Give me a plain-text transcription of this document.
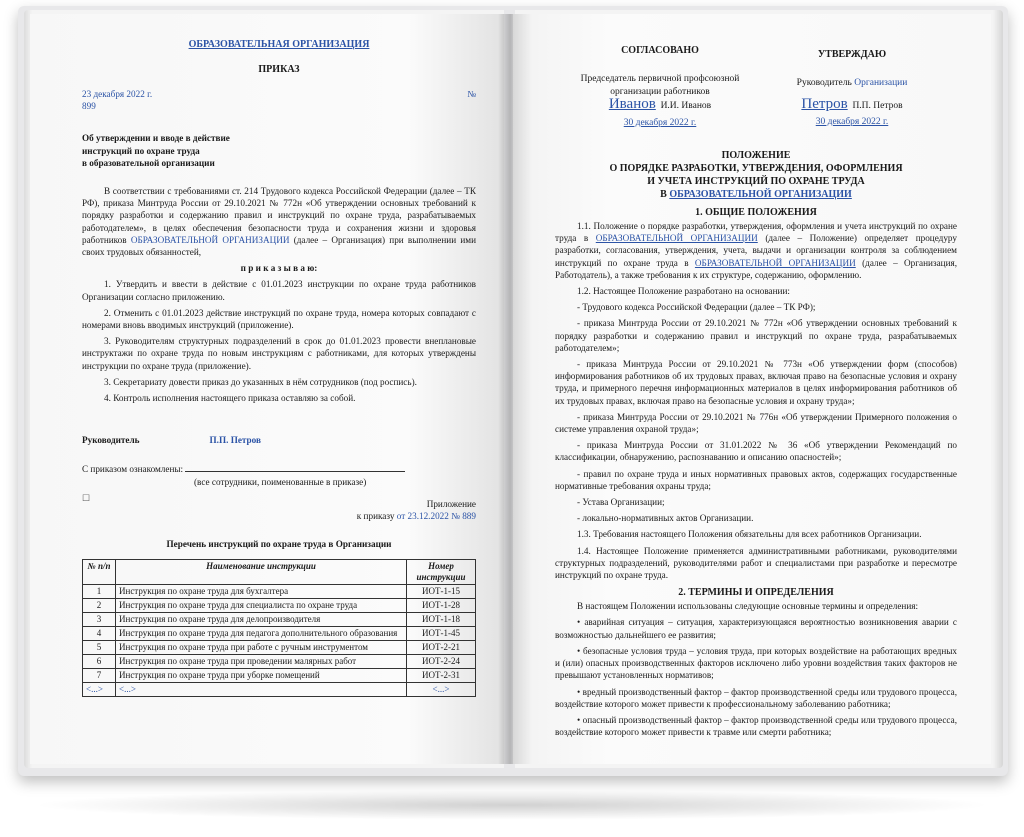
ОБРАЗОВАТЕЛЬНАЯ ОРГАНИЗАЦИЯ

ПРИКАЗ

23 декабря 2022 г.	№

899

Об утверждении и вводе в действие

инструкций по охране труда

в образовательной организации

В соответствии с требованиями ст. 214 Трудового кодекса Российской Федерации (далее – ТК РФ), приказа Минтруда России от 29.10.2021 № 772н «Об утверждении основных требований к порядку разработки и содержанию правил и инструкций по охране труда, разрабатываемых работодателем», в целях обеспечения безопасности труда и сохранения жизни и здоровья работников ОБРАЗОВАТЕЛЬНОЙ ОРГАНИЗАЦИИ (далее – Организация) при выполнении ими своих трудовых обязанностей,

п р и к а з ы в а ю:

1. Утвердить и ввести в действие с 01.01.2023 инструкции по охране труда работников Организации согласно приложению.

2. Отменить с 01.01.2023 действие инструкций по охране труда, номера которых совпадают с номерами вновь вводимых инструкций (приложение).

3. Руководителям структурных подразделений в срок до 01.01.2023 провести внеплановые инструктажи по охране труда по новым инструкциям с работниками, для которых утверждены инструкции по охране труда (приложение).

3. Секретариату довести приказ до указанных в нём сотрудников (под роспись).

4. Контроль исполнения настоящего приказа оставляю за собой.

Руководитель	П.П. Петров
С приказом ознакомлены:

(все сотрудники, поименованные в приказе)

☐

Приложение

к приказу от 23.12.2022 № 889

Перечень инструкций по охране труда в Организации

№ п/п	Наименование инструкции	Номер инструкции
1	Инструкция по охране труда для бухгалтера	ИОТ-1-15
2	Инструкция по охране труда для специалиста по охране труда	ИОТ-1-28
3	Инструкция по охране труда для делопроизводителя	ИОТ-1-18
4	Инструкция по охране труда для педагога дополнительного образования	ИОТ-1-45
5	Инструкция по охране труда при работе с ручным инструментом	ИОТ-2-21
6	Инструкция по охране труда при проведении малярных работ	ИОТ-2-24
7	Инструкция по охране труда при уборке помещений	ИОТ-2-31
<...>	<...>	<...>

СОГЛАСОВАНО

Председатель первичной профсоюзной

организации работников

Иванов И.И. Иванов

30 декабря 2022 г.

УТВЕРЖДАЮ

Руководитель Организации

Петров П.П. Петров

30 декабря 2022 г.

ПОЛОЖЕНИЕ

О ПОРЯДКЕ РАЗРАБОТКИ, УТВЕРЖДЕНИЯ, ОФОРМЛЕНИЯ

И УЧЕТА ИНСТРУКЦИЙ ПО ОХРАНЕ ТРУДА

В ОБРАЗОВАТЕЛЬНОЙ ОРГАНИЗАЦИИ

1. ОБЩИЕ ПОЛОЖЕНИЯ

1.1. Положение о порядке разработки, утверждения, оформления и учета инструкций по охране труда в ОБРАЗОВАТЕЛЬНОЙ ОРГАНИЗАЦИИ (далее – Положение) определяет процедуру разработки, согласования, утверждения, учета, выдачи и организации контроля за соблюдением инструкций по охране труда в ОБРАЗОВАТЕЛЬНОЙ ОРГАНИЗАЦИИ (далее – Организация, Работодатель), а также требования к их структуре, содержанию, оформлению.

1.2. Настоящее Положение разработано на основании:

- Трудового кодекса Российской Федерации (далее – ТК РФ);

- приказа Минтруда России от 29.10.2021 № 772н «Об утверждении основных требований к порядку разработки и содержанию правил и инструкций по охране труда, разрабатываемых работодателем»;

- приказа Минтруда России от 29.10.2021 № 773н «Об утверждении форм (способов) информирования работников об их трудовых правах, включая право на безопасные условия и охрану труда, и примерного перечня информационных материалов в целях информирования работников об их трудовых правах, включая право на безопасные условия и охрану труда»;

- приказа Минтруда России от 29.10.2021 № 776н «Об утверждении Примерного положения о системе управления охраной труда»;

- приказа Минтруда России от 31.01.2022 № 36 «Об утверждении Рекомендаций по классификации, обнаружению, распознаванию и описанию опасностей»;

- правил по охране труда и иных нормативных правовых актов, содержащих государственные нормативные требования охраны труда;

- Устава Организации;

- локально-нормативных актов Организации.

1.3. Требования настоящего Положения обязательны для всех работников Организации.

1.4. Настоящее Положение применяется административными работниками, руководителями структурных подразделений, руководителями работ и специалистами при разработке и пересмотре инструкций по охране труда.

2. ТЕРМИНЫ И ОПРЕДЕЛЕНИЯ

В настоящем Положении использованы следующие основные термины и определения:

• аварийная ситуация – ситуация, характеризующаяся вероятностью возникновения аварии с возможностью дальнейшего ее развития;

• безопасные условия труда – условия труда, при которых воздействие на работающих вредных и (или) опасных производственных факторов исключено либо уровни воздействия таких факторов не превышают установленных нормативов;

• вредный производственный фактор – фактор производственной среды или трудового процесса, воздействие которого может привести к профессиональному заболеванию работника;

• опасный производственный фактор – фактор производственной среды или трудового процесса, воздействие которого может привести к травме или смерти работника;
